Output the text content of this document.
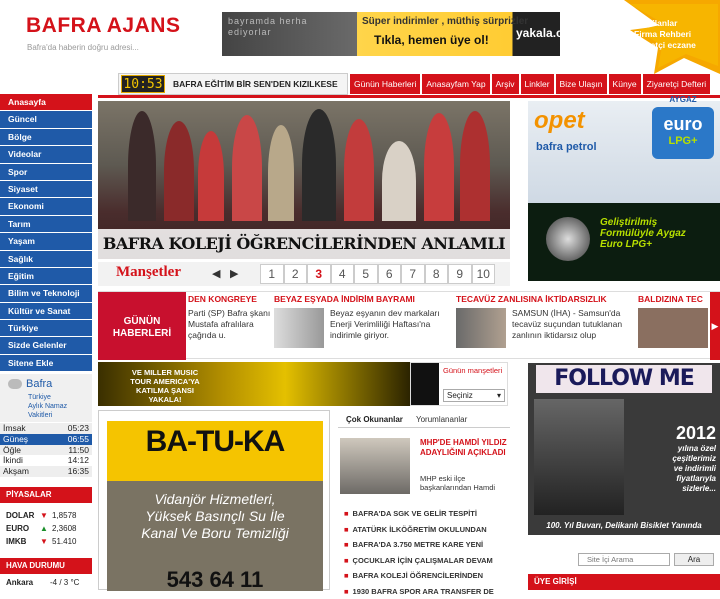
BAFRA AJANS
Bafra'da haberin doğru adresi...
bayramda herha ediyorlar
Süper indirimler , müthiş sürprizler
Tıkla, hemen üye ol! yakala.co
Seri ilanlar
Firma Rehberi
Nöbetçi eczane
10:53 BAFRA EĞİTİM BİR SEN'DEN KIZILKESE	Günün Haberleri	Anasayfam Yap	Arşiv	Linkler	Bize Ulaşın	Künye	Ziyaretçi Defteri
Anasayfa
Güncel
Bölge
Videolar
Spor
Siyaset
Ekonomi
Tarım
Yaşam
Sağlık
Eğitim
Bilim ve Teknoloji
Kültür ve Sanat
Türkiye
Sizde Gelenler
Sitene Ekle
Bafra
Türkiye
Aylık Namaz
Vakitleri
İmsak	05:23
Güneş	06:55
Öğle	11:50
İkindi	14:12
Akşam	16:35
PİYASALAR
DOLAR ▼ 1,8578
EURO	▲ 2,3608
IMKB	▼ 51.410
HAVA DURUMU
Ankara	-4 / 3 °C
BAFRA KOLEJİ ÖĞRENCİLERİNDEN ANLAMLI
Manşetler	◀ ▶	1	2	3	4	5	6	7	8	9	10
opet
bafra petrol
AYGAZ
euro
LPG+
Geliştirilmiş Formülüyle Aygaz Euro LPG+
GÜNÜN HABERLERİ
DEN KONGREYE
Parti (SP) Bafra şkanı Mustafa afralılara çağrıda u.
BEYAZ EŞYADA İNDİRİM BAYRAMI
Beyaz eşyanın dev markaları Enerji Verimliliği Haftası'na indirimle giriyor.
TECAVÜZ ZANLISINA İKTİDARSIZLIK
SAMSUN (İHA) - Samsun'da tecavüz suçundan tutuklanan zanlının iktidarsız olup
BALDIZINA TEC
▶
VE MILLER MUSIC TOUR AMERICA'YA KATILMA ŞANSI YAKALA!
Günün manşetleri
Seçiniz	▾
FOLLOW ME
2012
yılına özel
çeşitlerimiz
ve indirimli
fiyatlarıyla
sizlerle...
100. Yıl Buvarı, Delikanlı Bisiklet Yanında
BA-TU-KA
Vidanjör Hizmetleri,
Yüksek Basınçlı Su İle
Kanal Ve Boru Temizliği
543 64 11
Çok Okunanlar Yorumlananlar
MHP'DE HAMDİ YILDIZ ADAYLIĞINI AÇIKLADI
MHP eski ilçe başkanlarından Hamdi
■ BAFRA'DA SGK VE GELİR TESPİTİ
■ ATATÜRK İLKÖĞRETİM OKULUNDAN
■ BAFRA'DA 3.750 METRE KARE YENİ
■ ÇOCUKLAR İÇİN ÇALIŞMALAR DEVAM
■ BAFRA KOLEJİ ÖĞRENCİLERİNDEN
■ 1930 BAFRA SPOR ARA TRANSFER DE
Site İçi Arama	Ara
ÜYE GİRİŞİ
